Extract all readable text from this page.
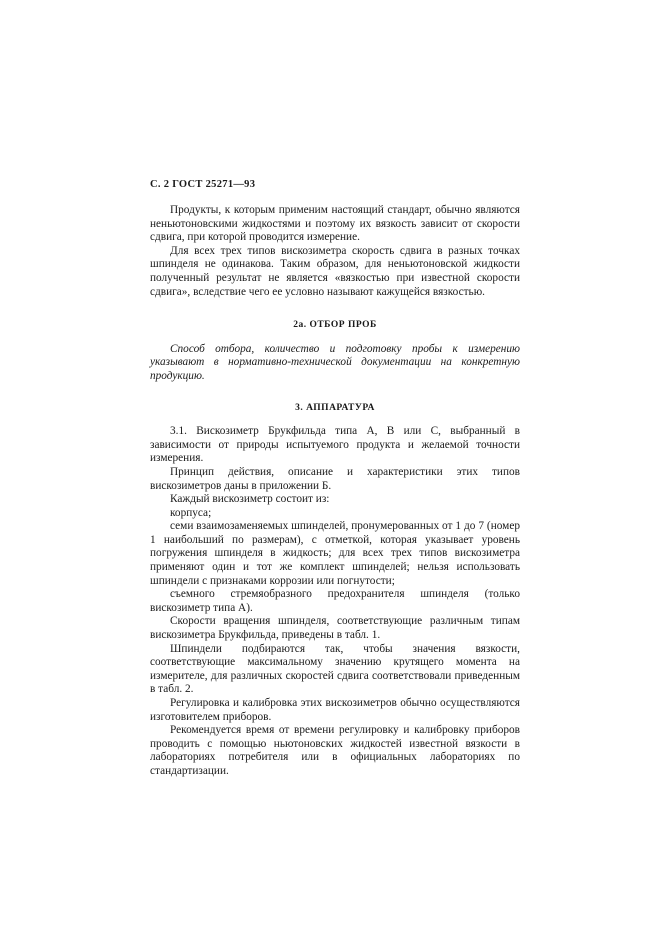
С. 2 ГОСТ 25271—93

Продукты, к которым применим настоящий стандарт, обычно являются неньютоновскими жидкостями и поэтому их вязкость зависит от скорости сдвига, при которой проводится измерение.

Для всех трех типов вискозиметра скорость сдвига в разных точках шпинделя не одинакова. Таким образом, для неньютоновской жидкости полученный результат не является «вязкостью при известной скорости сдвига», вследствие чего ее условно называют кажущейся вязкостью.

2а. ОТБОР ПРОБ

Способ отбора, количество и подготовку пробы к измерению указывают в нормативно-технической документации на конкретную продукцию.

3. АППАРАТУРА

3.1. Вискозиметр Брукфильда типа А, В или С, выбранный в зависимости от природы испытуемого продукта и желаемой точности измерения.

Принцип действия, описание и характеристики этих типов вискозиметров даны в приложении Б.

Каждый вискозиметр состоит из:

корпуса;

семи взаимозаменяемых шпинделей, пронумерованных от 1 до 7 (номер 1 наибольший по размерам), с отметкой, которая указывает уровень погружения шпинделя в жидкость; для всех трех типов вискозиметра применяют один и тот же комплект шпинделей; нельзя использовать шпиндели с признаками коррозии или погнутости;

съемного стремяобразного предохранителя шпинделя (только вискозиметр типа А).

Скорости вращения шпинделя, соответствующие различным типам вискозиметра Брукфильда, приведены в табл. 1.

Шпиндели подбираются так, чтобы значения вязкости, соответствующие максимальному значению крутящего момента на измерителе, для различных скоростей сдвига соответствовали приведенным в табл. 2.

Регулировка и калибровка этих вискозиметров обычно осуществляются изготовителем приборов.

Рекомендуется время от времени регулировку и калибровку приборов проводить с помощью ньютоновских жидкостей известной вязкости в лабораториях потребителя или в официальных лабораториях по стандартизации.
